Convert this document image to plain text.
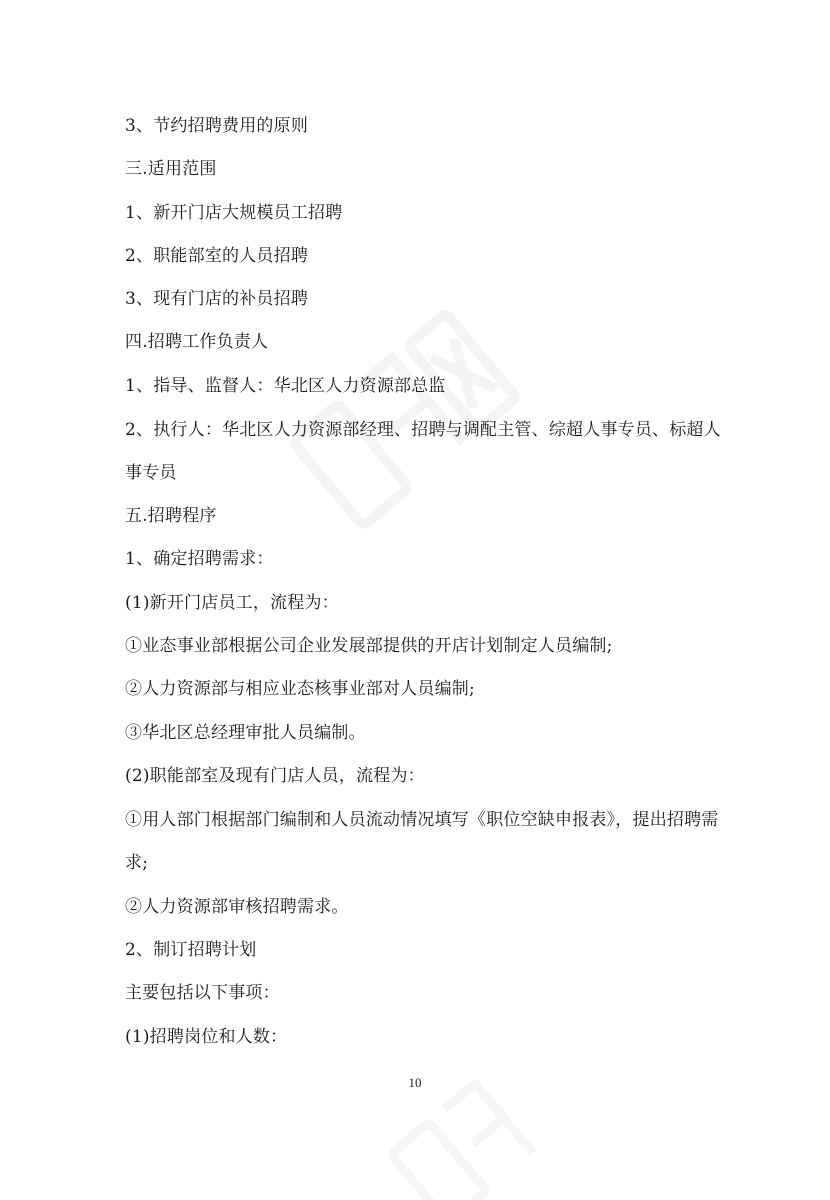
3、节约招聘费用的原则
三.适用范围
1、新开门店大规模员工招聘
2、职能部室的人员招聘
3、现有门店的补员招聘
四.招聘工作负责人
1、指导、监督人：华北区人力资源部总监
2、执行人：华北区人力资源部经理、招聘与调配主管、综超人事专员、标超人
事专员
五.招聘程序
1、确定招聘需求：
(1)新开门店员工，流程为：
①业态事业部根据公司企业发展部提供的开店计划制定人员编制;
②人力资源部与相应业态核事业部对人员编制;
③华北区总经理审批人员编制。
(2)职能部室及现有门店人员，流程为：
①用人部门根据部门编制和人员流动情况填写《职位空缺申报表》，提出招聘需
求;
②人力资源部审核招聘需求。
2、制订招聘计划
主要包括以下事项：
(1)招聘岗位和人数：
10
